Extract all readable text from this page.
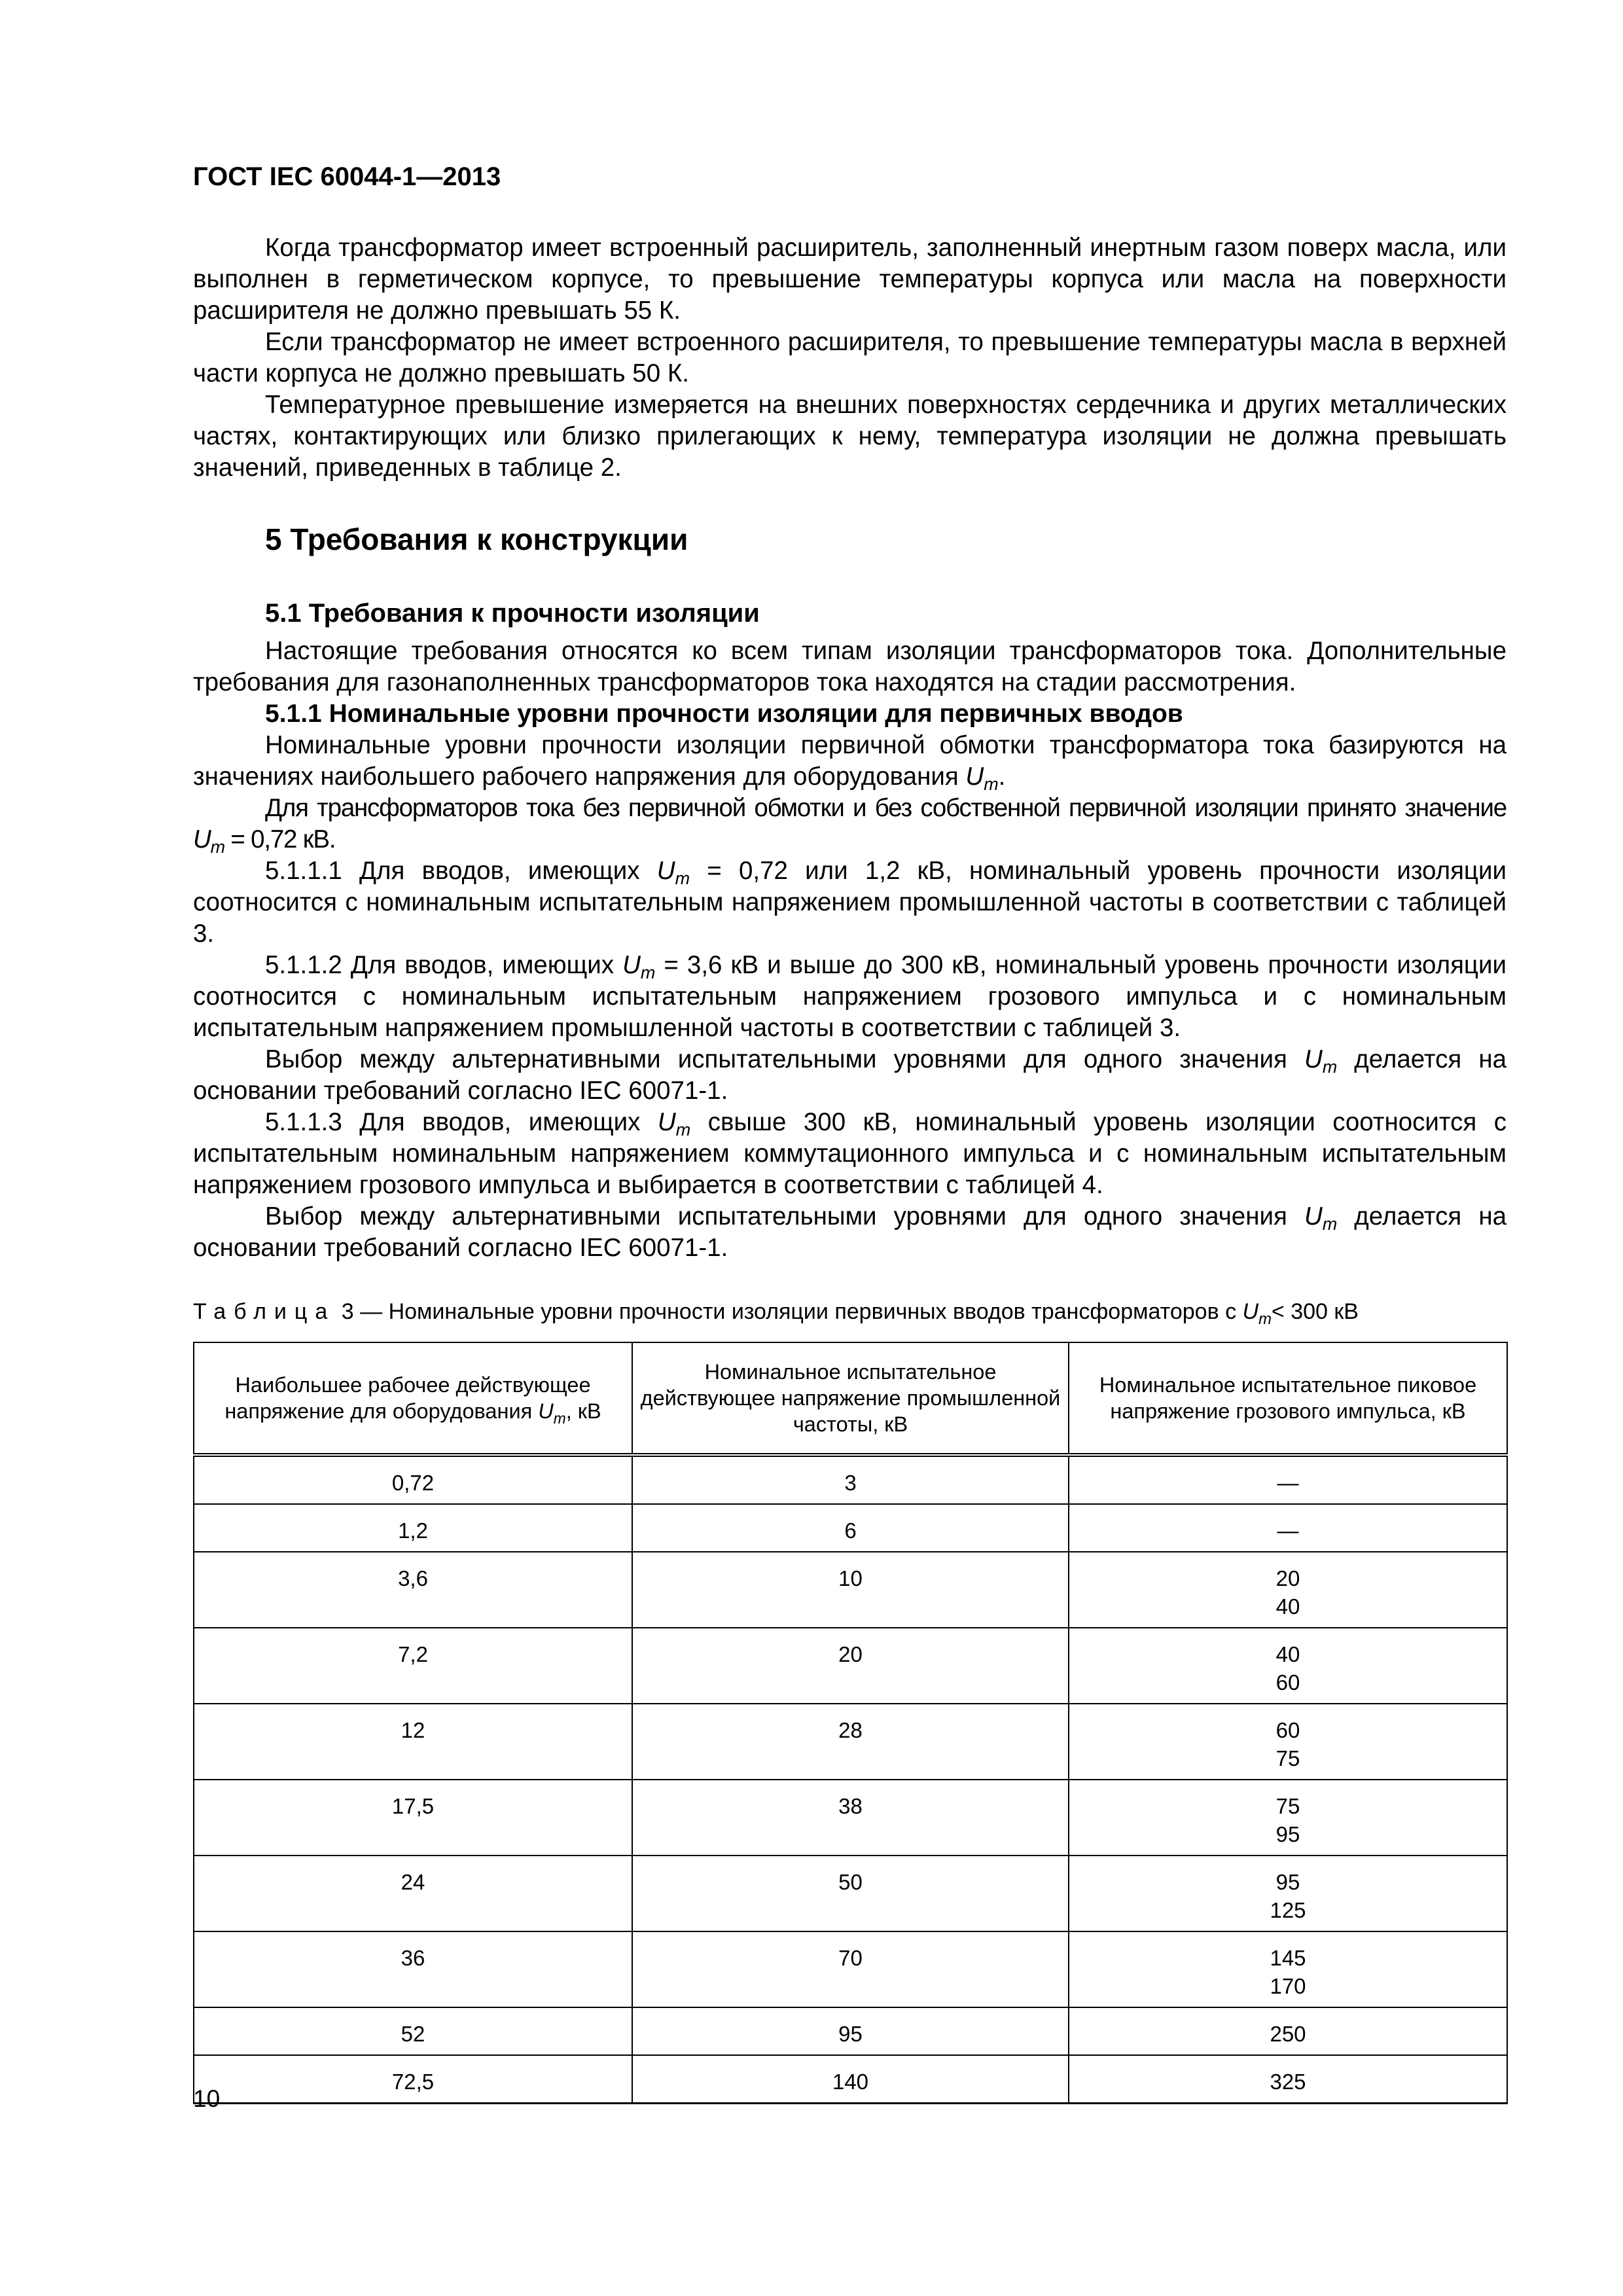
ГОСТ IEC 60044-1—2013

Когда трансформатор имеет встроенный расширитель, заполненный инертным газом поверх масла, или выполнен в герметическом корпусе, то превышение температуры корпуса или масла на поверхности расширителя не должно превышать 55 К.

Если трансформатор не имеет встроенного расширителя, то превышение температуры масла в верхней части корпуса не должно превышать 50 К.

Температурное превышение измеряется на внешних поверхностях сердечника и других металлических частях, контактирующих или близко прилегающих к нему, температура изоляции не должна превышать значений, приведенных в таблице 2.

5 Требования к конструкции

5.1 Требования к прочности изоляции

Настоящие требования относятся ко всем типам изоляции трансформаторов тока. Дополнительные требования для газонаполненных трансформаторов тока находятся на стадии рассмотрения.

5.1.1 Номинальные уровни прочности изоляции для первичных вводов

Номинальные уровни прочности изоляции первичной обмотки трансформатора тока базируются на значениях наибольшего рабочего напряжения для оборудования $U_m$.

Для трансформаторов тока без первичной обмотки и без собственной первичной изоляции принято значение $U_m = 0,72$ кВ.

5.1.1.1 Для вводов, имеющих $U_m = 0,72$ или 1,2 кВ, номинальный уровень прочности изоляции соотносится с номинальным испытательным напряжением промышленной частоты в соответствии с таблицей 3.

5.1.1.2 Для вводов, имеющих $U_m = 3,6$ кВ и выше до 300 кВ, номинальный уровень прочности изоляции соотносится с номинальным испытательным напряжением грозового импульса и с номинальным испытательным напряжением промышленной частоты в соответствии с таблицей 3.

Выбор между альтернативными испытательными уровнями для одного значения $U_m$ делается на основании требований согласно IEC 60071-1.

5.1.1.3 Для вводов, имеющих $U_m$ свыше 300 кВ, номинальный уровень изоляции соотносится с испытательным номинальным напряжением коммутационного импульса и с номинальным испытательным напряжением грозового импульса и выбирается в соответствии с таблицей 4.

Выбор между альтернативными испытательными уровнями для одного значения $U_m$ делается на основании требований согласно IEC 60071-1.

Таблица 3 — Номинальные уровни прочности изоляции первичных вводов трансформаторов с $U_m< 300$ кВ
Наибольшее рабочее действующее напряжение для оборудования $U_m$, кВ	Номинальное испытательное действующее напряжение промышленной частоты, кВ	Номинальное испытательное пиковое напряжение грозового импульса, кВ
0,72	3	—

1,2	6	—

3,6	10	20
40

7,2	20	40
60

12	28	60
75

17,5	38	75
95

24	50	95
125

36	70	145
170

52	95	250

72,5	140	325
10
